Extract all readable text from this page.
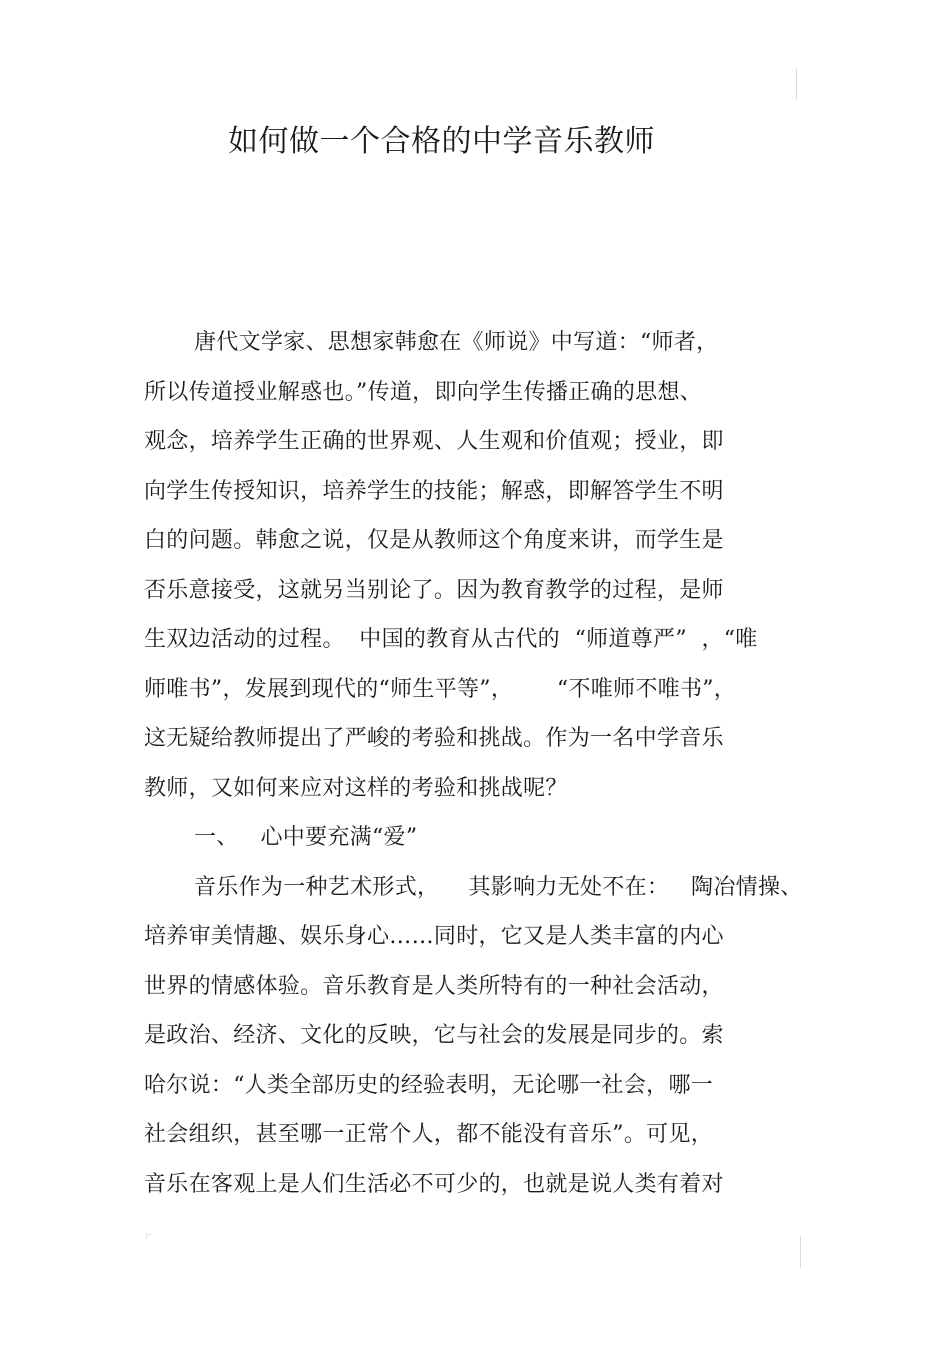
如何做一个合格的中学音乐教师
唐代文学家、思想家韩愈在《师说》中写道：“师者，
所以传道授业解惑也。”传道，即向学生传播正确的思想、
观念，培养学生正确的世界观、人生观和价值观；授业，即
向学生传授知识，培养学生的技能；解惑，即解答学生不明
白的问题。韩愈之说，仅是从教师这个角度来讲，而学生是
否乐意接受，这就另当别论了。因为教育教学的过程，是师
生双边活动的过程。  中国的教育从古代的  “师道尊严”  ，“唯
师唯书”，发展到现代的“师生平等”，      “不唯师不唯书”，
这无疑给教师提出了严峻的考验和挑战。作为一名中学音乐
教师，又如何来应对这样的考验和挑战呢？
一、   心中要充满“爱”
音乐作为一种艺术形式，    其影响力无处不在：   陶冶情操、
培养审美情趣、娱乐身心……同时，它又是人类丰富的内心
世界的情感体验。音乐教育是人类所特有的一种社会活动，
是政治、经济、文化的反映，它与社会的发展是同步的。索
哈尔说：“人类全部历史的经验表明，无论哪一社会，哪一
社会组织，甚至哪一正常个人，都不能没有音乐”。可见，
音乐在客观上是人们生活必不可少的，也就是说人类有着对
